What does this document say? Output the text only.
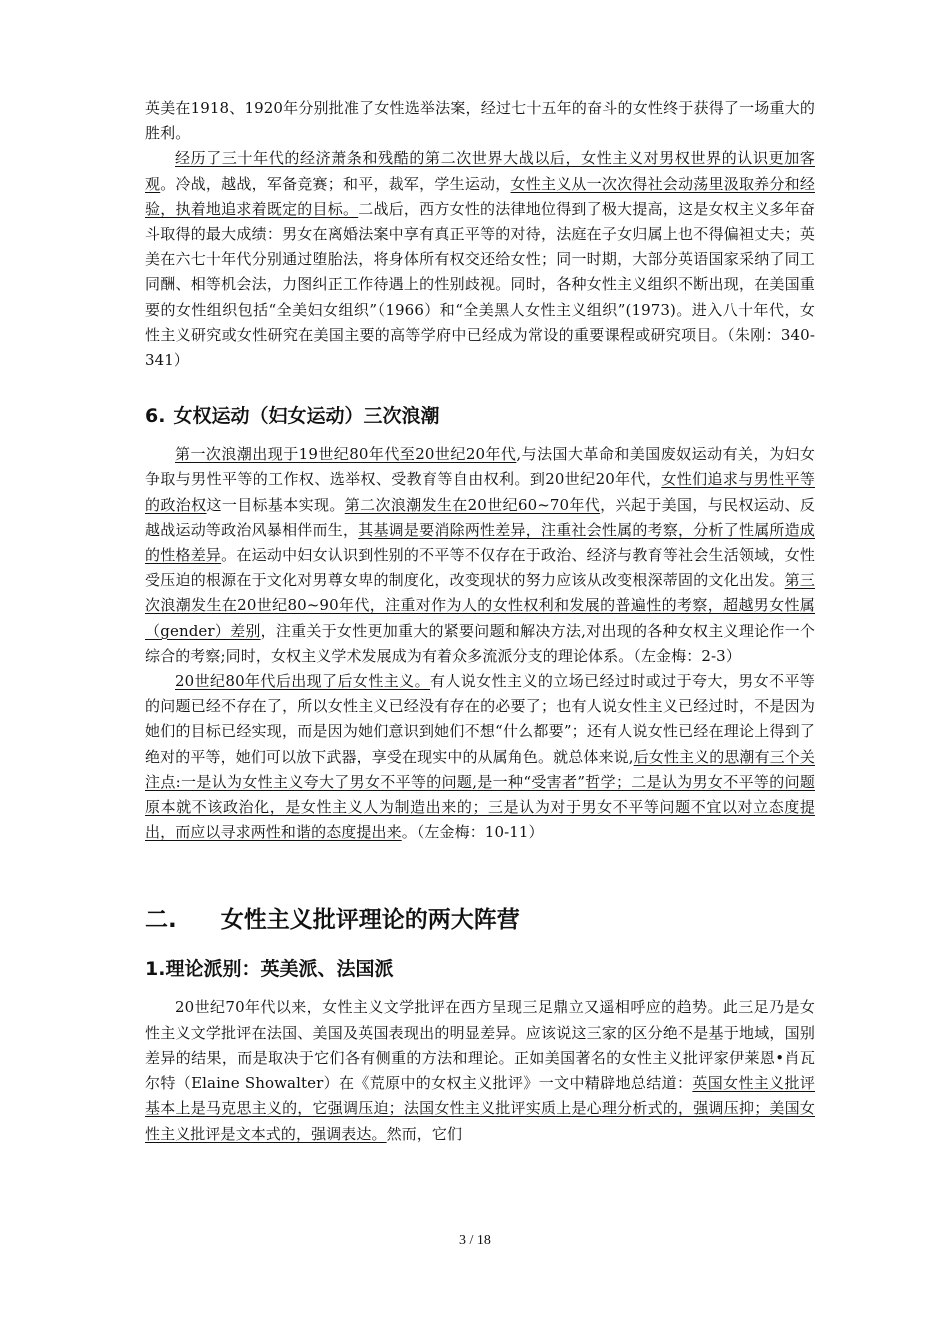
英美在1918、1920年分别批准了女性选举法案，经过七十五年的奋斗的女性终于获得了一场重大的胜利。

经历了三十年代的经济萧条和残酷的第二次世界大战以后，女性主义对男权世界的认识更加客观。冷战，越战，军备竞赛；和平，裁军，学生运动，女性主义从一次次得社会动荡里汲取养分和经验，执着地追求着既定的目标。二战后，西方女性的法律地位得到了极大提高，这是女权主义多年奋斗取得的最大成绩：男女在离婚法案中享有真正平等的对待，法庭在子女归属上也不得偏袒丈夫；英美在六七十年代分别通过堕胎法，将身体所有权交还给女性；同一时期，大部分英语国家采纳了同工同酬、相等机会法，力图纠正工作待遇上的性别歧视。同时，各种女性主义组织不断出现，在美国重要的女性组织包括“全美妇女组织”（1966）和“全美黑人女性主义组织”(1973)。进入八十年代，女性主义研究或女性研究在美国主要的高等学府中已经成为常设的重要课程或研究项目。（朱刚：340-341）

6. 女权运动（妇女运动）三次浪潮

第一次浪潮出现于19世纪80年代至20世纪20年代,与法国大革命和美国废奴运动有关，为妇女争取与男性平等的工作权、选举权、受教育等自由权利。到20世纪20年代，女性们追求与男性平等的政治权这一目标基本实现。第二次浪潮发生在20世纪60~70年代，兴起于美国，与民权运动、反越战运动等政治风暴相伴而生，其基调是要消除两性差异，注重社会性属的考察，分析了性属所造成的性格差异。在运动中妇女认识到性别的不平等不仅存在于政治、经济与教育等社会生活领域，女性受压迫的根源在于文化对男尊女卑的制度化，改变现状的努力应该从改变根深蒂固的文化出发。第三次浪潮发生在20世纪80~90年代，注重对作为人的女性权利和发展的普遍性的考察，超越男女性属（gender）差别，注重关于女性更加重大的紧要问题和解决方法,对出现的各种女权主义理论作一个综合的考察;同时，女权主义学术发展成为有着众多流派分支的理论体系。（左金梅：2-3）

20世纪80年代后出现了后女性主义。有人说女性主义的立场已经过时或过于夸大，男女不平等的问题已经不存在了，所以女性主义已经没有存在的必要了；也有人说女性主义已经过时，不是因为她们的目标已经实现，而是因为她们意识到她们不想“什么都要”；还有人说女性已经在理论上得到了绝对的平等，她们可以放下武器，享受在现实中的从属角色。就总体来说,后女性主义的思潮有三个关注点:一是认为女性主义夸大了男女不平等的问题,是一种“受害者”哲学；二是认为男女不平等的问题原本就不该政治化，是女性主义人为制造出来的；三是认为对于男女不平等问题不宜以对立态度提出，而应以寻求两性和谐的态度提出来。（左金梅：10-11）

二. 女性主义批评理论的两大阵营
1.理论派别：英美派、法国派

20世纪70年代以来，女性主义文学批评在西方呈现三足鼎立又遥相呼应的趋势。此三足乃是女性主义文学批评在法国、美国及英国表现出的明显差异。应该说这三家的区分绝不是基于地域，国别差异的结果，而是取决于它们各有侧重的方法和理论。正如美国著名的女性主义批评家伊莱恩•肖瓦尔特（Elaine Showalter）在《荒原中的女权主义批评》一文中精辟地总结道：英国女性主义批评基本上是马克思主义的，它强调压迫；法国女性主义批评实质上是心理分析式的，强调压抑；美国女性主义批评是文本式的，强调表达。然而，它们

3 / 18
